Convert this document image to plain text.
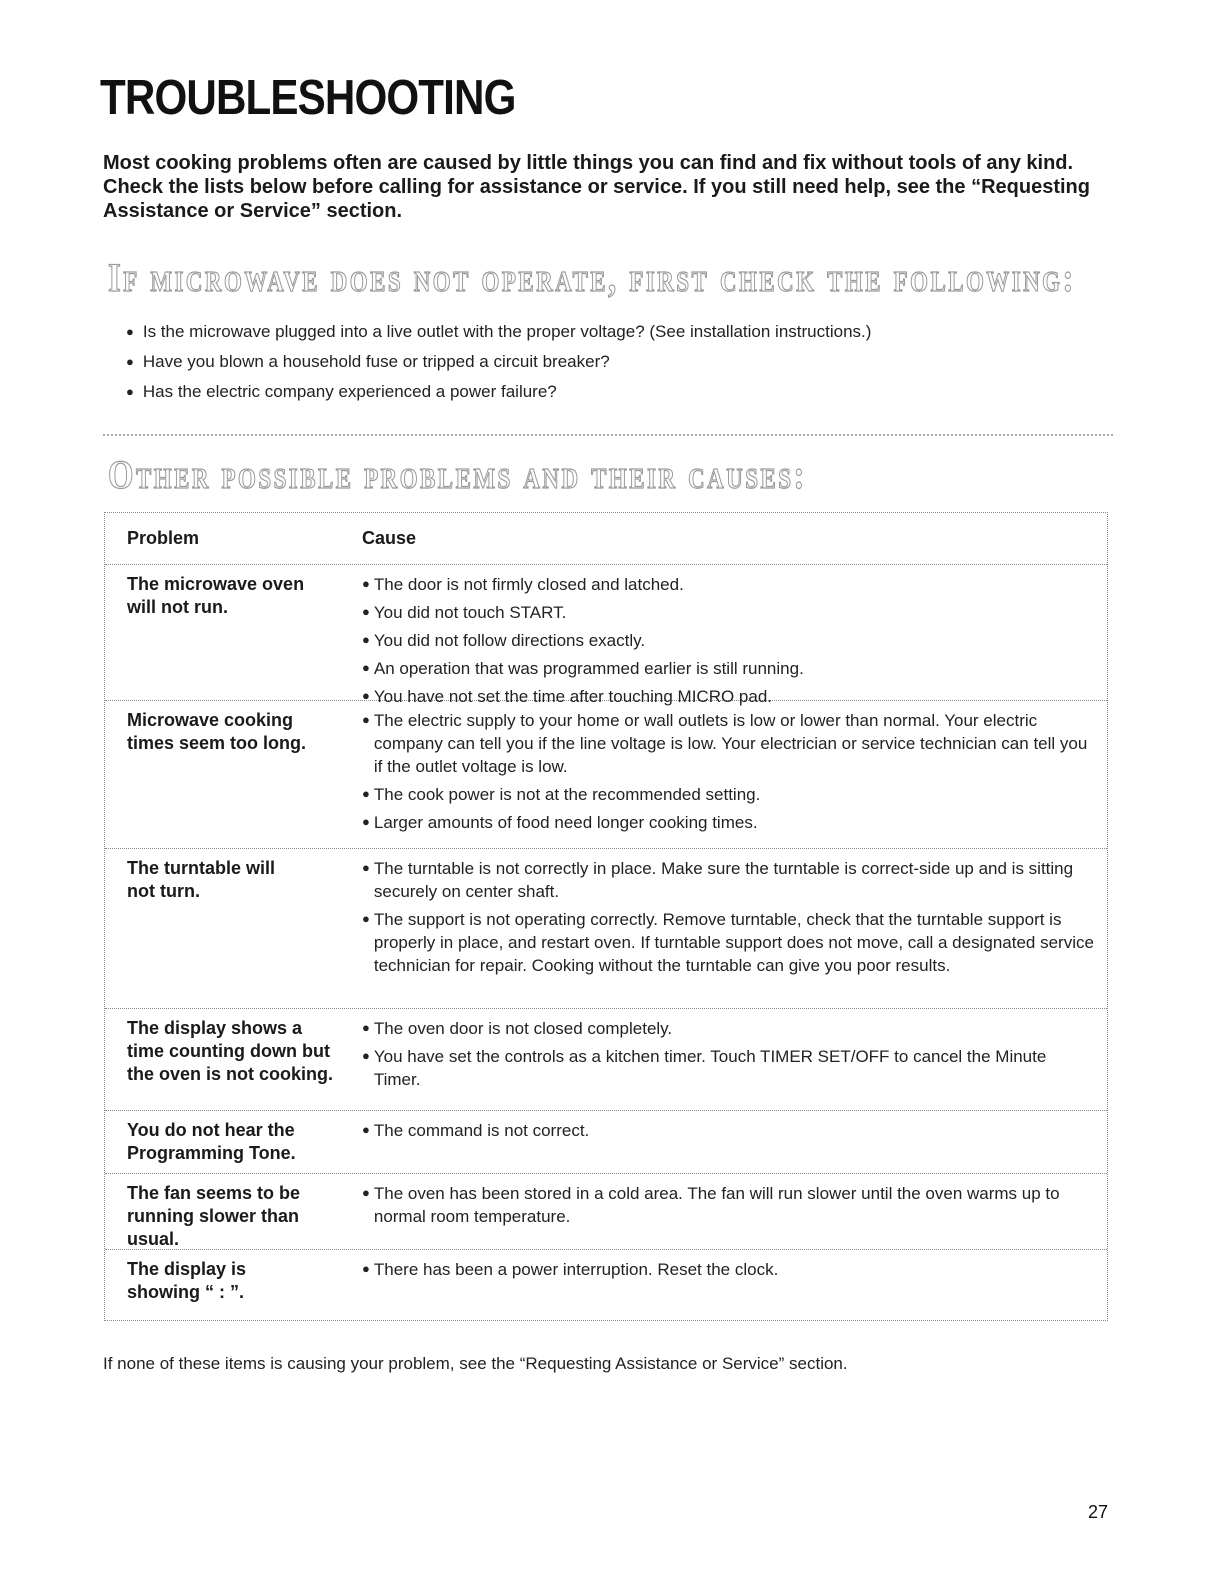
TROUBLESHOOTING

Most cooking problems often are caused by little things you can find and fix without tools of any kind. Check the lists below before calling for assistance or service. If you still need help, see the “Requesting Assistance or Service” section.

If microwave does not operate, first check the following:
● Is the microwave plugged into a live outlet with the proper voltage? (See installation instructions.)
● Have you blown a household fuse or tripped a circuit breaker?
● Has the electric company experienced a power failure?
Other possible problems and their causes:
Problem	Cause
The microwave oven
will not run.
● The door is not firmly closed and latched.
● You did not touch START.
● You did not follow directions exactly.
● An operation that was programmed earlier is still running.
● You have not set the time after touching MICRO pad.
Microwave cooking
times seem too long.
● The electric supply to your home or wall outlets is low or lower than normal. Your electric company can tell you if the line voltage is low. Your electrician or service technician can tell you if the outlet voltage is low.
● The cook power is not at the recommended setting.
● Larger amounts of food need longer cooking times.
The turntable will
not turn.
● The turntable is not correctly in place. Make sure the turntable is correct-side up and is sitting securely on center shaft.
● The support is not operating correctly. Remove turntable, check that the turntable support is properly in place, and restart oven. If turntable support does not move, call a designated service technician for repair. Cooking without the turntable can give you poor results.
The display shows a
time counting down but
the oven is not cooking.
● The oven door is not closed completely.
● You have set the controls as a kitchen timer. Touch TIMER SET/OFF to cancel the Minute Timer.
You do not hear the
Programming Tone.
● The command is not correct.
The fan seems to be
running slower than
usual.
● The oven has been stored in a cold area. The fan will run slower until the oven warms up to normal room temperature.
The display is
showing “ : ”.
● There has been a power interruption. Reset the clock.

If none of these items is causing your problem, see the “Requesting Assistance or Service” section.

27
